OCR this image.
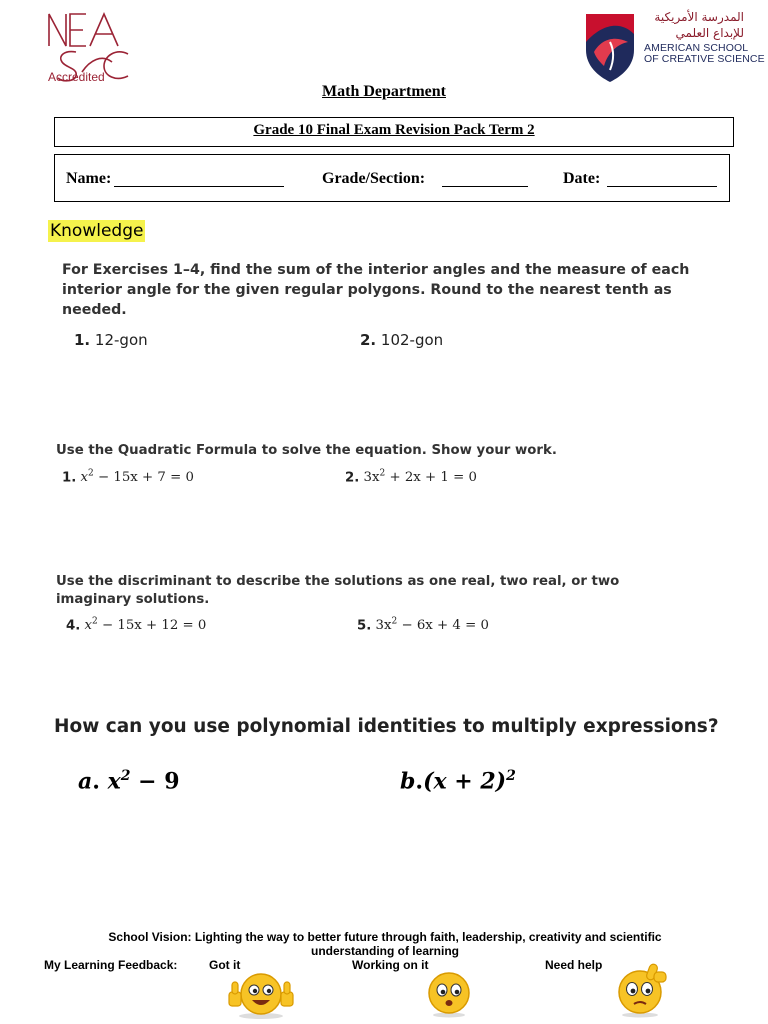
Accredited
المدرسة الأمريكية
للإبداع العلمي
AMERICAN SCHOOL
OF CREATIVE SCIENCE
Math Department
Grade 10 Final Exam Revision Pack Term 2
Name:	Grade/Section:	Date:
Knowledge
For Exercises 1–4, find the sum of the interior angles and the measure of each
interior angle for the given regular polygons. Round to the nearest tenth as
needed.
1. 12-gon	2. 102-gon
Use the Quadratic Formula to solve the equation. Show your work.
1. $x^2 - 15x + 7 = 0$	2. $3x^2 + 2x + 1 = 0$
Use the discriminant to describe the solutions as one real, two real, or two
imaginary solutions.
4. $x^2 - 15x + 12 = 0$	5. $3x^2 - 6x + 4 = 0$
How can you use polynomial identities to multiply expressions?
a. $x^2 - 9$	$b.(x + 2)^2$
School Vision: Lighting the way to better future through faith, leadership, creativity and scientific
understanding of learning
My Learning Feedback:	Got it	Working on it	Need help
